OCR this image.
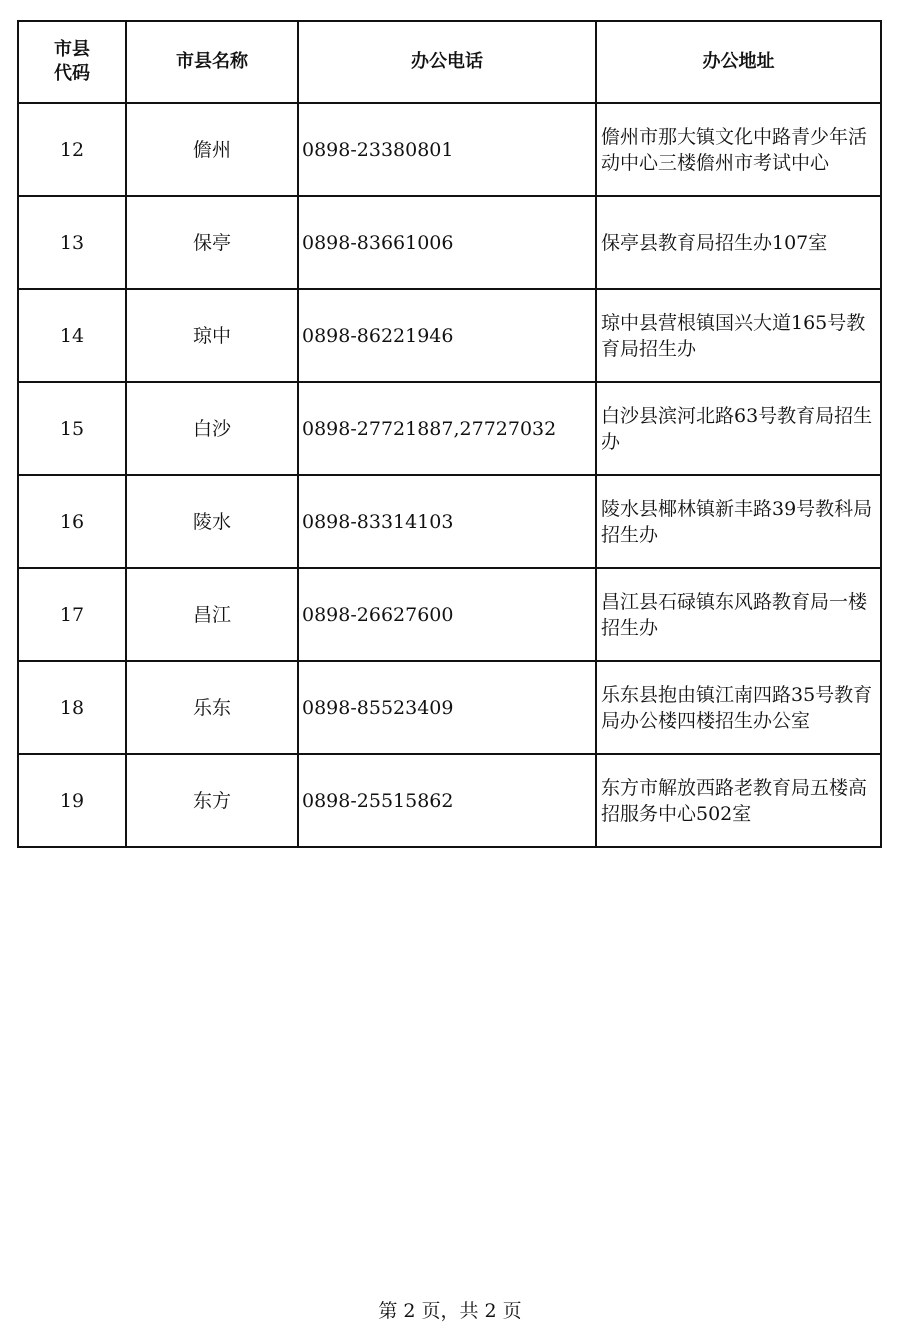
市县代码	市县名称	办公电话	办公地址
12	儋州	0898-23380801	儋州市那大镇文化中路青少年活动中心三楼儋州市考试中心
13	保亭	0898-83661006	保亭县教育局招生办107室
14	琼中	0898-86221946	琼中县营根镇国兴大道165号教育局招生办
15	白沙	0898-27721887,27727032	白沙县滨河北路63号教育局招生办
16	陵水	0898-83314103	陵水县椰林镇新丰路39号教科局招生办
17	昌江	0898-26627600	昌江县石碌镇东风路教育局一楼招生办
18	乐东	0898-85523409	乐东县抱由镇江南四路35号教育局办公楼四楼招生办公室
19	东方	0898-25515862	东方市解放西路老教育局五楼高招服务中心502室
第 2 页，共 2 页
